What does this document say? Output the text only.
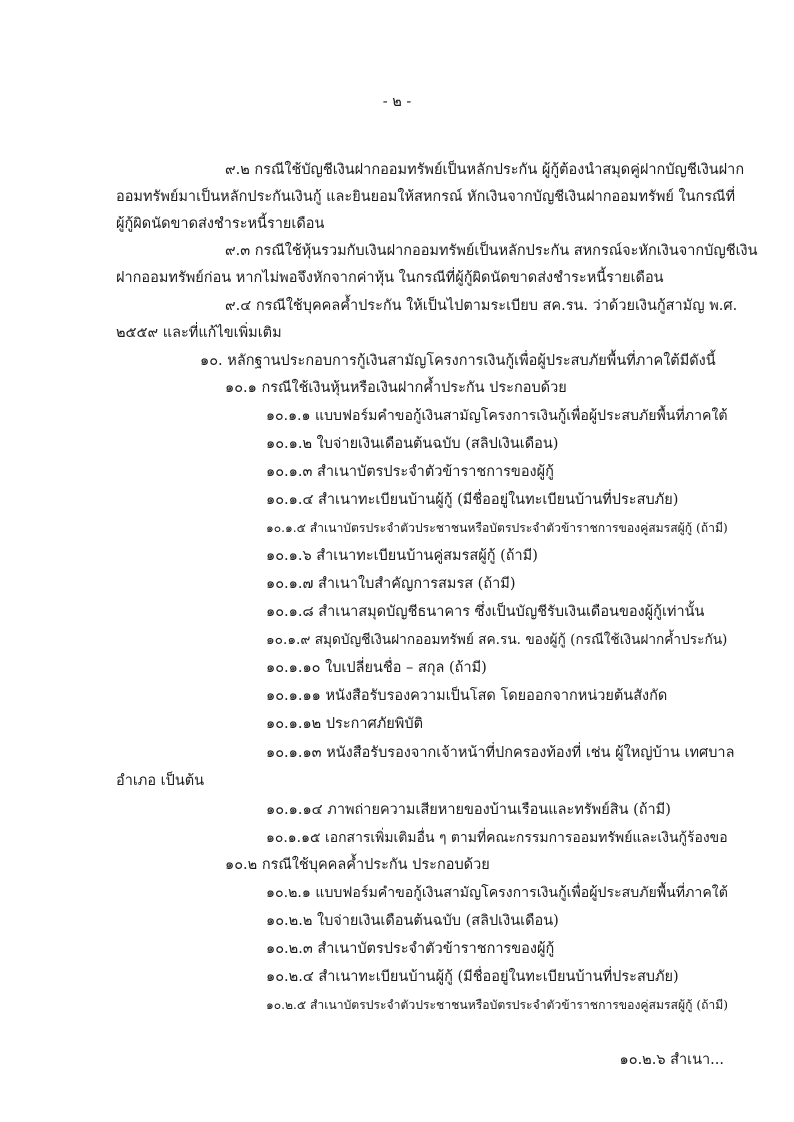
- ๒ -
๙.๒ กรณีใช้บัญชีเงินฝากออมทรัพย์เป็นหลักประกัน ผู้กู้ต้องนำสมุดคู่ฝากบัญชีเงินฝาก
ออมทรัพย์มาเป็นหลักประกันเงินกู้ และยินยอมให้สหกรณ์ หักเงินจากบัญชีเงินฝากออมทรัพย์ ในกรณีที่
ผู้กู้ผิดนัดขาดส่งชำระหนี้รายเดือน
๙.๓ กรณีใช้หุ้นรวมกับเงินฝากออมทรัพย์เป็นหลักประกัน สหกรณ์จะหักเงินจากบัญชีเงิน
ฝากออมทรัพย์ก่อน หากไม่พอจึงหักจากค่าหุ้น ในกรณีที่ผู้กู้ผิดนัดขาดส่งชำระหนี้รายเดือน
๙.๔ กรณีใช้บุคคลค้ำประกัน ให้เป็นไปตามระเบียบ สค.รน. ว่าด้วยเงินกู้สามัญ พ.ศ.
๒๕๕๙ และที่แก้ไขเพิ่มเติม
๑๐. หลักฐานประกอบการกู้เงินสามัญโครงการเงินกู้เพื่อผู้ประสบภัยพื้นที่ภาคใต้มีดังนี้
๑๐.๑ กรณีใช้เงินหุ้นหรือเงินฝากค้ำประกัน ประกอบด้วย
๑๐.๑.๑ แบบฟอร์มคำขอกู้เงินสามัญโครงการเงินกู้เพื่อผู้ประสบภัยพื้นที่ภาคใต้
๑๐.๑.๒ ใบจ่ายเงินเดือนต้นฉบับ (สลิปเงินเดือน)
๑๐.๑.๓ สำเนาบัตรประจำตัวข้าราชการของผู้กู้
๑๐.๑.๔ สำเนาทะเบียนบ้านผู้กู้ (มีชื่ออยู่ในทะเบียนบ้านที่ประสบภัย)
๑๐.๑.๕ สำเนาบัตรประจำตัวประชาชนหรือบัตรประจำตัวข้าราชการของคู่สมรสผู้กู้ (ถ้ามี)
๑๐.๑.๖ สำเนาทะเบียนบ้านคู่สมรสผู้กู้ (ถ้ามี)
๑๐.๑.๗ สำเนาใบสำคัญการสมรส (ถ้ามี)
๑๐.๑.๘ สำเนาสมุดบัญชีธนาคาร ซึ่งเป็นบัญชีรับเงินเดือนของผู้กู้เท่านั้น
๑๐.๑.๙ สมุดบัญชีเงินฝากออมทรัพย์ สค.รน. ของผู้กู้ (กรณีใช้เงินฝากค้ำประกัน)
๑๐.๑.๑๐ ใบเปลี่ยนชื่อ – สกุล (ถ้ามี)
๑๐.๑.๑๑ หนังสือรับรองความเป็นโสด โดยออกจากหน่วยต้นสังกัด
๑๐.๑.๑๒ ประกาศภัยพิบัติ
๑๐.๑.๑๓ หนังสือรับรองจากเจ้าหน้าที่ปกครองท้องที่ เช่น ผู้ใหญ่บ้าน เทศบาล
อำเภอ เป็นต้น
๑๐.๑.๑๔ ภาพถ่ายความเสียหายของบ้านเรือนและทรัพย์สิน (ถ้ามี)
๑๐.๑.๑๕ เอกสารเพิ่มเติมอื่น ๆ ตามที่คณะกรรมการออมทรัพย์และเงินกู้ร้องขอ
๑๐.๒ กรณีใช้บุคคลค้ำประกัน ประกอบด้วย
๑๐.๒.๑ แบบฟอร์มคำขอกู้เงินสามัญโครงการเงินกู้เพื่อผู้ประสบภัยพื้นที่ภาคใต้
๑๐.๒.๒ ใบจ่ายเงินเดือนต้นฉบับ (สลิปเงินเดือน)
๑๐.๒.๓ สำเนาบัตรประจำตัวข้าราชการของผู้กู้
๑๐.๒.๔ สำเนาทะเบียนบ้านผู้กู้ (มีชื่ออยู่ในทะเบียนบ้านที่ประสบภัย)
๑๐.๒.๕ สำเนาบัตรประจำตัวประชาชนหรือบัตรประจำตัวข้าราชการของคู่สมรสผู้กู้ (ถ้ามี)
๑๐.๒.๖ สำเนา...
